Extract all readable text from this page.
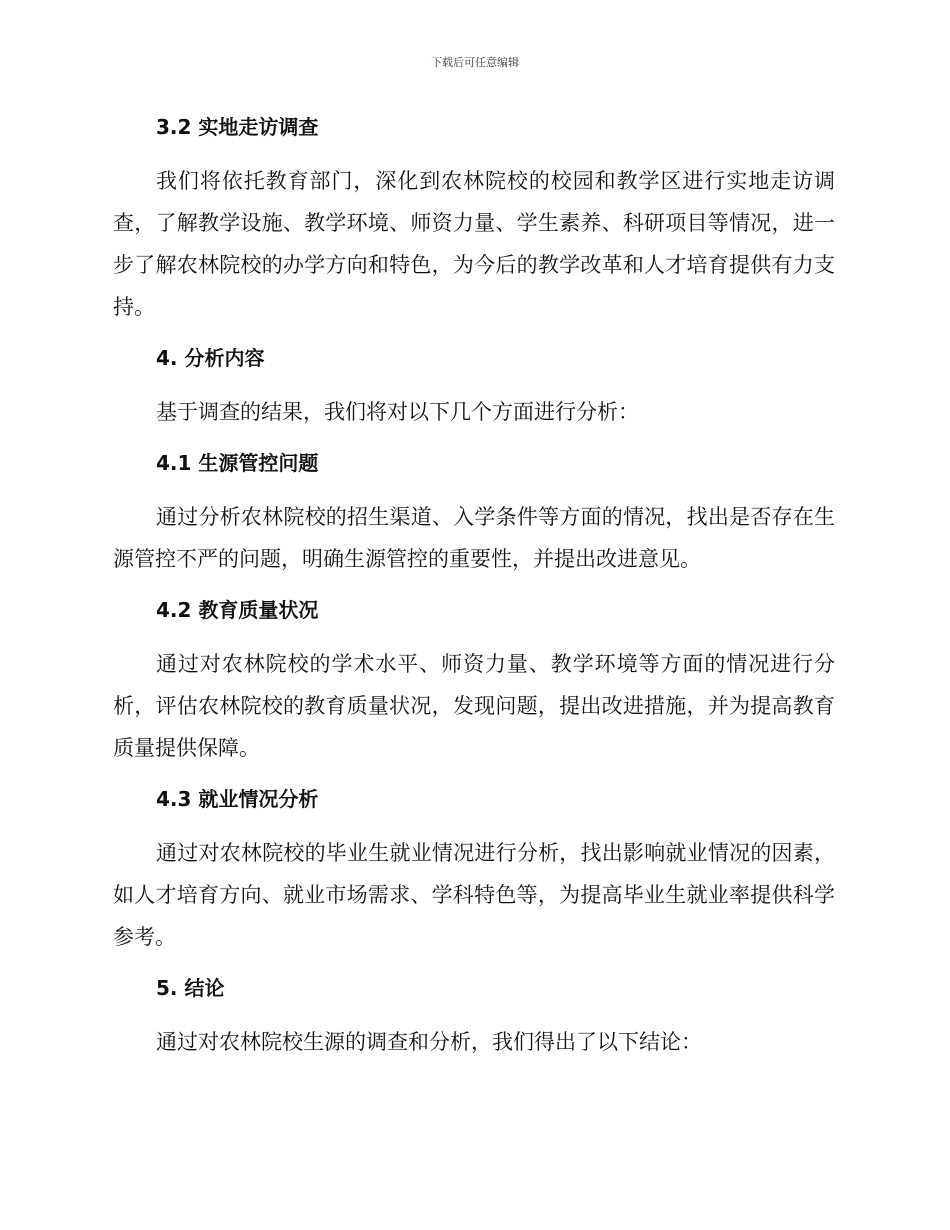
下载后可任意编辑
3.2 实地走访调查

我们将依托教育部门，深化到农林院校的校园和教学区进行实地走访调查，了解教学设施、教学环境、师资力量、学生素养、科研项目等情况，进一步了解农林院校的办学方向和特色，为今后的教学改革和人才培育提供有力支持。

4. 分析内容

基于调查的结果，我们将对以下几个方面进行分析：

4.1 生源管控问题

通过分析农林院校的招生渠道、入学条件等方面的情况，找出是否存在生源管控不严的问题，明确生源管控的重要性，并提出改进意见。

4.2 教育质量状况

通过对农林院校的学术水平、师资力量、教学环境等方面的情况进行分析，评估农林院校的教育质量状况，发现问题，提出改进措施，并为提高教育质量提供保障。

4.3 就业情况分析

通过对农林院校的毕业生就业情况进行分析，找出影响就业情况的因素，如人才培育方向、就业市场需求、学科特色等，为提高毕业生就业率提供科学参考。

5. 结论

通过对农林院校生源的调查和分析，我们得出了以下结论：
